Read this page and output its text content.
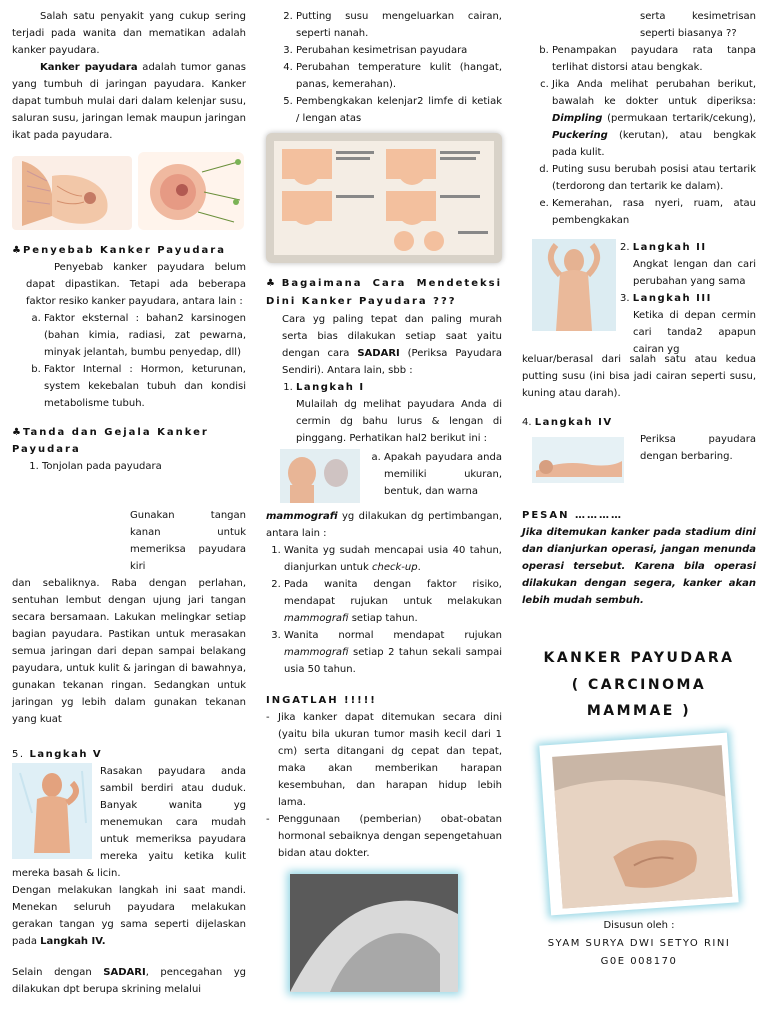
Salah satu penyakit yang cukup sering terjadi pada wanita dan mematikan adalah kanker payudara.

Kanker payudara adalah tumor ganas yang tumbuh di jaringan payudara. Kanker dapat tumbuh mulai dari dalam kelenjar susu, saluran susu, jaringan lemak maupun jaringan ikat pada payudara.

♣ Penyebab Kanker Payudara

Penyebab kanker payudara belum dapat dipastikan. Tetapi ada beberapa faktor resiko kanker payudara, antara lain :

a. Faktor eksternal : bahan2 karsinogen (bahan kimia, radiasi, zat pewarna, minyak jelantah, bumbu penyedap, dll)
b. Faktor Internal : Hormon, keturunan, system kekebalan tubuh dan kondisi metabolisme tubuh.
♣ Tanda dan Gejala Kanker Payudara
1. Tonjolan pada payudara

Gunakan tangan kanan untuk memeriksa payudara kiri

dan sebaliknya. Raba dengan perlahan, sentuhan lembut dengan ujung jari tangan secara bersamaan. Lakukan melingkar setiap bagian payudara. Pastikan untuk merasakan semua jaringan dari depan sampai belakang payudara, untuk kulit & jaringan di bawahnya, gunakan tekanan ringan. Sedangkan untuk jaringan yg lebih dalam gunakan tekanan yang kuat

5. Langkah V

Rasakan payudara anda sambil berdiri atau duduk. Banyak wanita yg menemukan cara mudah untuk memeriksa payudara mereka yaitu ketika kulit mereka basah & licin.

Dengan melakukan langkah ini saat mandi. Menekan seluruh payudara melakukan gerakan tangan yg sama seperti dijelaskan pada Langkah IV.

Selain dengan SADARI, pencegahan yg dilakukan dpt berupa skrining melalui

2. Putting susu mengeluarkan cairan, seperti nanah.
3. Perubahan kesimetrisan payudara
4. Perubahan temperature kulit (hangat, panas, kemerahan).
5. Pembengkakan kelenjar2 limfe di ketiak / lengan atas
♣ Bagaimana Cara Mendeteksi Dini Kanker Payudara ???

Cara yg paling tepat dan paling murah serta bias dilakukan setiap saat yaitu dengan cara SADARI (Periksa Payudara Sendiri). Antara lain, sbb :

1. Langkah I

Mulailah dg melihat payudara Anda di cermin dg bahu lurus & lengan di pinggang. Perhatikan hal2 berikut ini :

a. Apakah payudara anda memiliki ukuran, bentuk, dan warna

mammografi yg dilakukan dg pertimbangan, antara lain :

1. Wanita yg sudah mencapai usia 40 tahun, dianjurkan untuk check-up.
2. Pada wanita dengan faktor risiko, mendapat rujukan untuk melakukan mammografi setiap tahun.
3. Wanita normal mendapat rujukan mammografi setiap 2 tahun sekali sampai usia 50 tahun.
INGATLAH !!!!!
- Jika kanker dapat ditemukan secara dini (yaitu bila ukuran tumor masih kecil dari 1 cm) serta ditangani dg cepat dan tepat, maka akan memberikan harapan kesembuhan, dan harapan hidup lebih lama.
- Penggunaan (pemberian) obat-obatan hormonal sebaiknya dengan sepengetahuan bidan atau dokter.

serta kesimetrisan seperti biasanya ??

b. Penampakan payudara rata tanpa terlihat distorsi atau bengkak.
c. Jika Anda melihat perubahan berikut, bawalah ke dokter untuk diperiksa: Dimpling (permukaan tertarik/cekung), Puckering (kerutan), atau bengkak pada kulit.
d. Puting susu berubah posisi atau tertarik (terdorong dan tertarik ke dalam).
e. Kemerahan, rasa nyeri, ruam, atau pembengkakan
2. Langkah II

Angkat lengan dan cari perubahan yang sama

3. Langkah III

Ketika di depan cermin cari tanda2 apapun cairan yg

keluar/berasal dari salah satu atau kedua putting susu (ini bisa jadi cairan seperti susu, kuning atau darah).

4. Langkah IV

Periksa payudara dengan berbaring.

PESAN …………

Jika ditemukan kanker pada stadium dini dan dianjurkan operasi, jangan menunda operasi tersebut. Karena bila operasi dilakukan dengan segera, kanker akan lebih mudah sembuh.

KANKER PAYUDARA
( CARCINOMA
MAMMAE )
Disusun oleh :
SYAM SURYA DWI SETYO RINI
G0E 008170
